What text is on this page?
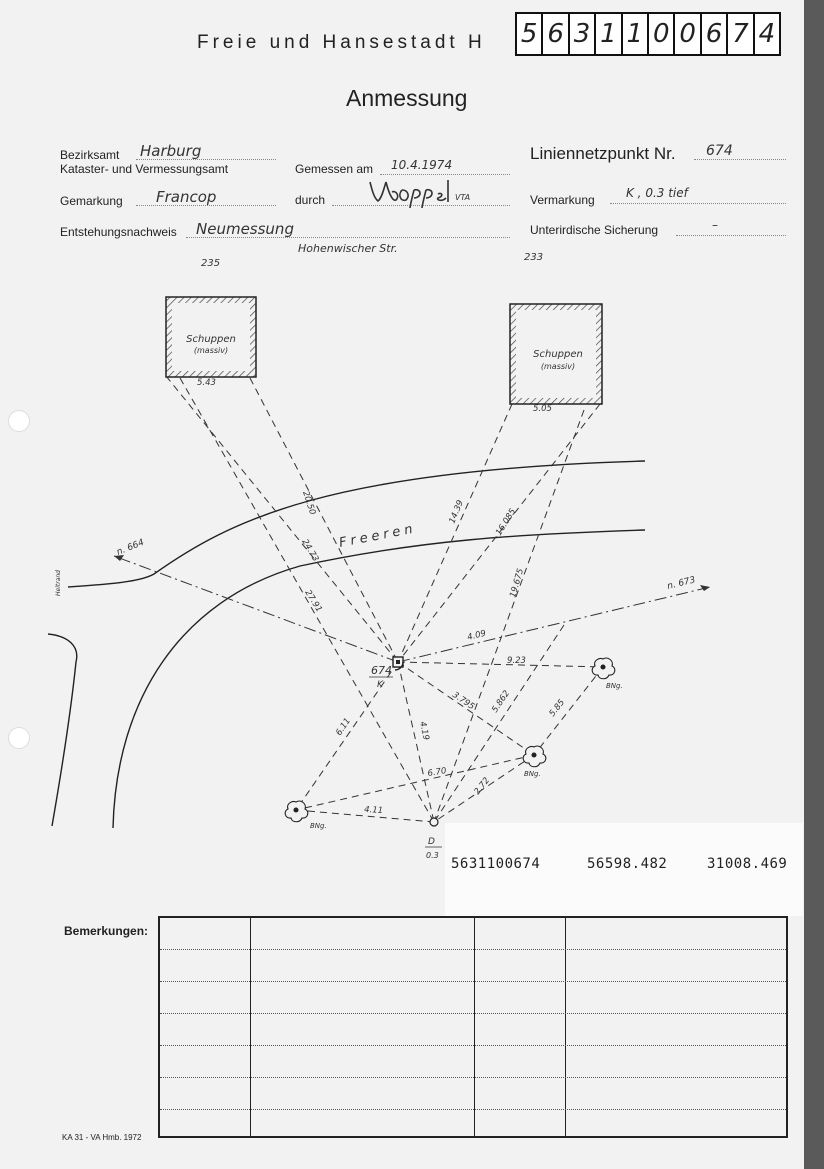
Freie und Hansestadt H 5 6 3 1 1 0 0 6 7 4
Anmessung
Bezirksamt Harburg
Kataster- und Vermessungsamt
Gemarkung Francop
Entstehungsnachweis Neumessung
Gemessen am 10.4.1974
durch	VTA
Hohenwischer Str.
Liniennetzpunkt Nr. 674
Vermarkung	K , 0.3 tief
Unterirdische Sicherung	–
235
233
Schuppen
(massiv)	Schuppen
(massiv)
Heltrand
Freeren
n. 664
n. 673
5.43
5.05
20.50
24.73
27.91
14.39	16.085
19.675
4.09
9.23
3.795 5.862	5.85
4.19
6.11
6.70
2.72
4.11
674
K
D
0.3
BNg.
BNg.
BNg.
5631100674	56598.482	31008.469
Bemerkungen:
KA 31 - VA Hmb. 1972
